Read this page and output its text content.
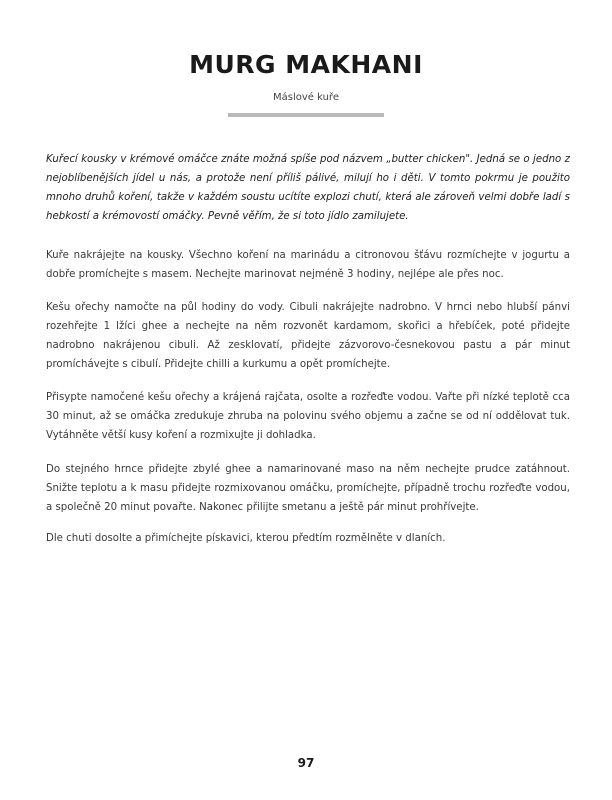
MURG MAKHANI

Máslové kuře

Kuřecí kousky v krémové omáčce znáte možná spíše pod názvem „butter chicken". Jedná se o jedno z nejoblíbenějších jídel u nás, a protože není příliš pálivé, milují ho i děti. V tomto pokrmu je použito mnoho druhů koření, takže v každém soustu ucítíte explozi chutí, která ale zároveň velmi dobře ladí s hebkostí a krémovostí omáčky. Pevně věřím, že si toto jídlo zamilujete.

Kuře nakrájejte na kousky. Všechno koření na marinádu a citronovou šťávu rozmíchejte v jogurtu a dobře promíchejte s masem. Nechejte marinovat nejméně 3 hodiny, nejlépe ale přes noc.

Kešu ořechy namočte na půl hodiny do vody. Cibuli nakrájejte nadrobno. V hrnci nebo hlubší pánvi rozehřejte 1 lžíci ghee a nechejte na něm rozvonět kardamom, skořici a hřebíček, poté přidejte nadrobno nakrájenou cibuli. Až zesklovatí, přidejte zázvorovo-česnekovou pastu a pár minut promíchávejte s cibulí. Přidejte chilli a kurkumu a opět promíchejte.

Přisypte namočené kešu ořechy a krájená rajčata, osolte a rozřeďte vodou. Vařte při nízké teplotě cca 30 minut, až se omáčka zredukuje zhruba na polovinu svého objemu a začne se od ní oddělovat tuk. Vytáhněte větší kusy koření a rozmixujte ji dohladka.

Do stejného hrnce přidejte zbylé ghee a namarinované maso na něm nechejte prudce zatáhnout. Snižte teplotu a k masu přidejte rozmixovanou omáčku, promíchejte, případně trochu rozřeďte vodou, a společně 20 minut povařte. Nakonec přilijte smetanu a ještě pár minut prohřívejte.

Dle chuti dosolte a přimíchejte pískavici, kterou předtím rozmělněte v dlaních.

97
